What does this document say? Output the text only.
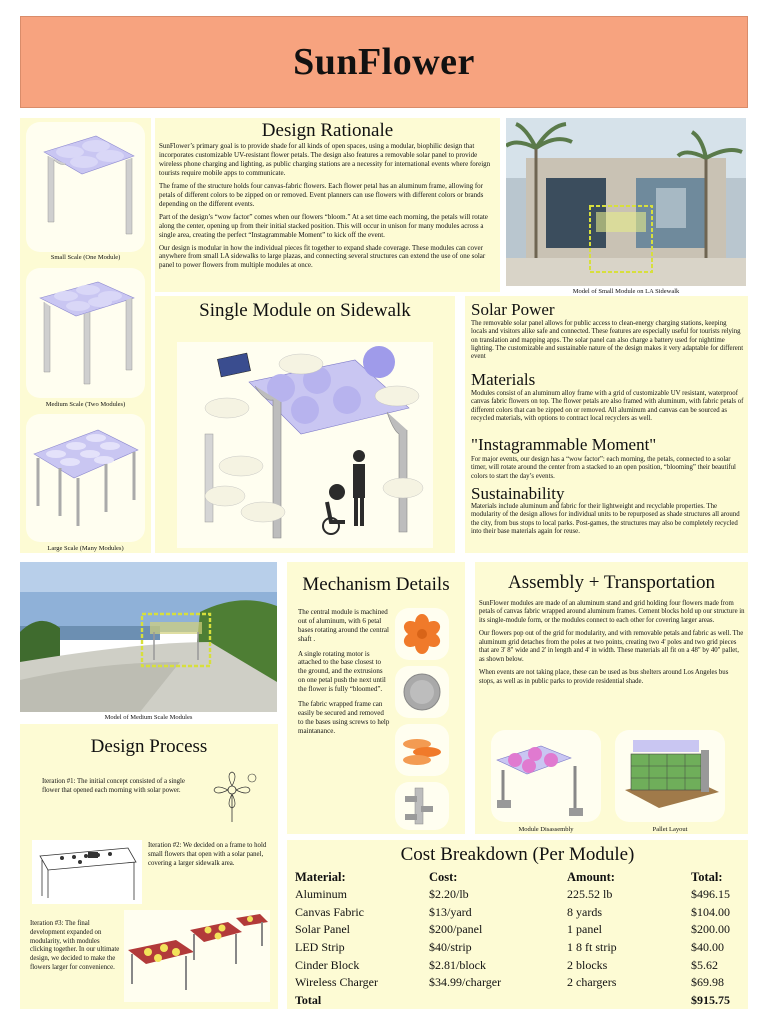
SunFlower
Small Scale (One Module)
Medium Scale (Two Modules)
Large Scale (Many Modules)
Design Rationale

SunFlower’s primary goal is to provide shade for all kinds of open spaces, using a modular, biophilic design that incorporates customizable UV-resistant flower petals. The design also features a removable solar panel to provide wireless phone charging and lighting, as public charging stations are a necessity for international events where foreign tourists require mobile apps to communicate.

The frame of the structure holds four canvas-fabric flowers. Each flower petal has an aluminum frame, allowing for petals of different colors to be zipped on or removed. Event planners can use flowers with different colors or brands depending on the different events.

Part of the design’s “wow factor” comes when our flowers “bloom.” At a set time each morning, the petals will rotate along the center, opening up from their initial stacked position. This will occur in unison for many modules across a single area, creating the perfect “Instagrammable Moment” to kick off the event.

Our design is modular in how the individual pieces fit together to expand shade coverage. These modules can cover anywhere from small LA sidewalks to large plazas, and connecting several structures can extend the use of one solar panel to power flowers from multiple modules at once.

Model of Small Module on LA Sidewalk
Single Module on Sidewalk	Solar Power
The removable solar panel allows for public access to clean-energy charging stations, keeping locals and visitors alike safe and connected. These features are especially useful for tourists relying on translation and mapping apps. The solar panel can also charge a battery used for nighttime lighting. The customizable and sustainable nature of the design makes it very adaptable for different event
Materials
Modules consist of an aluminum alloy frame with a grid of customizable UV resistant, waterproof canvas fabric flowers on top. The flower petals are also framed with aluminum, with fabric petals of different colors that can be zipped on or removed. All aluminum and canvas can be sourced as recycled materials, with options to contract local recyclers as well.
"Instagrammable Moment"
For major events, our design has a “wow factor”: each morning, the petals, connected to a solar timer, will rotate around the center from a stacked to an open position, “blooming” their beautiful colors to start the day’s events.
Sustainability
Materials include aluminum and fabric for their lightweight and recyclable properties. The modularity of the design allows for individual units to be repurposed as shade structures all around the city, from bus stops to local parks. Post-games, the structures may also be completely recycled into their base materials again for reuse.
Model of Medium Scale Modules
Mechanism Details

The central module is machined out of aluminum, with 6 petal bases rotating around the central shaft .

A single rotating motor is attached to the base closest to the ground, and the extrusions on one petal push the next until the flower is fully “bloomed”.

The fabric wrapped frame can easily be secured and removed to the bases using screws to help maintanance.

Assembly + Transportation

SunFlower modules are made of an aluminum stand and grid holding four flowers made from petals of canvas fabric wrapped around aluminum frames. Cement blocks hold up our structure in its single-module form, or the modules connect to each other for covering larger areas.

Our flowers pop out of the grid for modularity, and with removable petals and fabric as well. The aluminum grid detaches from the poles at two points, creating two 4' poles and two grid pieces that are 3' 8" wide and 2' in length and 4' in width. These materials all fit on a 48" by 40" pallet, as shown below.

When events are not taking place, these can be used as bus shelters around Los Angeles bus stops, as well as in public parks to provide residential shade.

Module Disassembly	Pallet Layout
Design Process
Iteration #1: The initial concept consisted of a single flower that opened each morning with solar power.
Iteration #2: We decided on a frame to hold small flowers that open with a solar panel, covering a larger sidewalk area.
Iteration #3: The final development expanded on modularity, with modules clicking together. In our ultimate design, we decided to make the flowers larger for convenience.
Cost Breakdown (Per Module)
Material:	Cost:	Amount:	Total:
Aluminum	$2.20/lb	225.52 lb	$496.15
Canvas Fabric	$13/yard	8 yards	$104.00
Solar Panel	$200/panel	1 panel	$200.00
LED Strip	$40/strip	1 8 ft strip	$40.00
Cinder Block	$2.81/block	2 blocks	$5.62
Wireless Charger	$34.99/charger	2 chargers	$69.98
Total			$915.75
